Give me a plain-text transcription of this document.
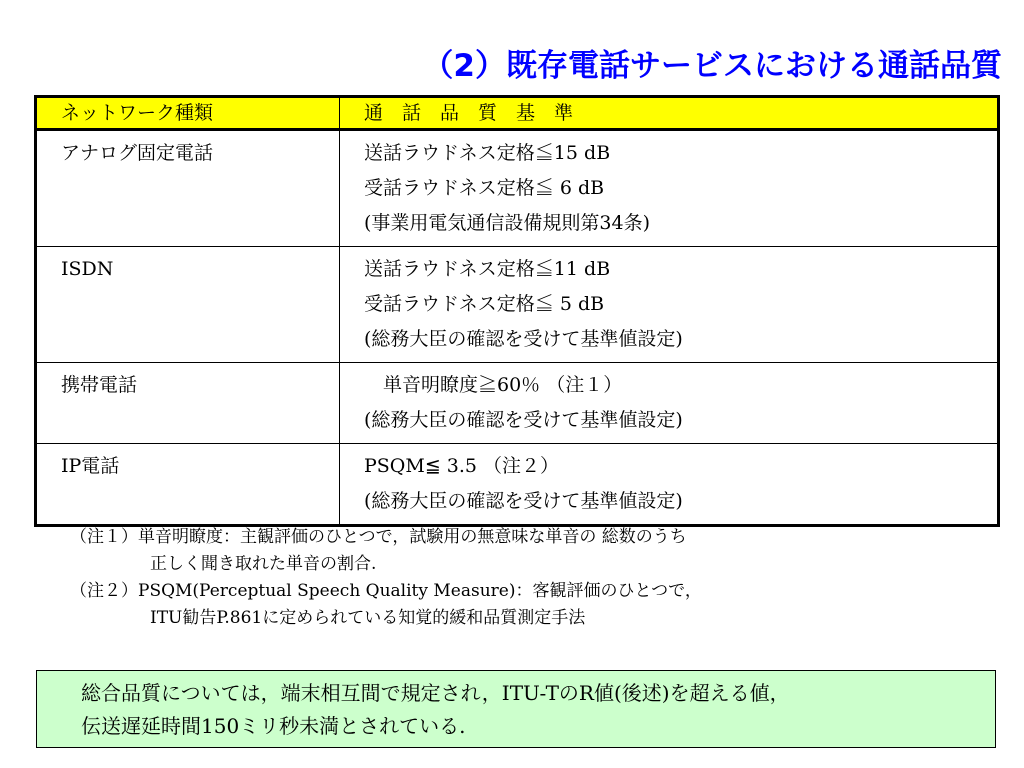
（2）既存電話サービスにおける通話品質
ネットワーク種類	通話品質基準
アナログ固定電話	送話ラウドネス定格≦15 dB
受話ラウドネス定格≦ 6 dB
(事業用電気通信設備規則第34条)

ISDN	送話ラウドネス定格≦11 dB
受話ラウドネス定格≦ 5 dB
(総務大臣の確認を受けて基準値設定)

携帯電話	　単音明瞭度≧60％ （注１）
(総務大臣の確認を受けて基準値設定)

IP電話	PSQM≦ 3.5 （注２）
(総務大臣の確認を受けて基準値設定)
（注１）単音明瞭度：主観評価のひとつで，試験用の無意味な単音の 総数のうち
正しく聞き取れた単音の割合.
（注２）PSQM(Perceptual Speech Quality Measure)：客観評価のひとつで，
ITU勧告P.861に定められている知覚的緩和品質測定手法
総合品質については，端末相互間で規定され，ITU-TのR値(後述)を超える値，
伝送遅延時間150ミリ秒未満とされている.
